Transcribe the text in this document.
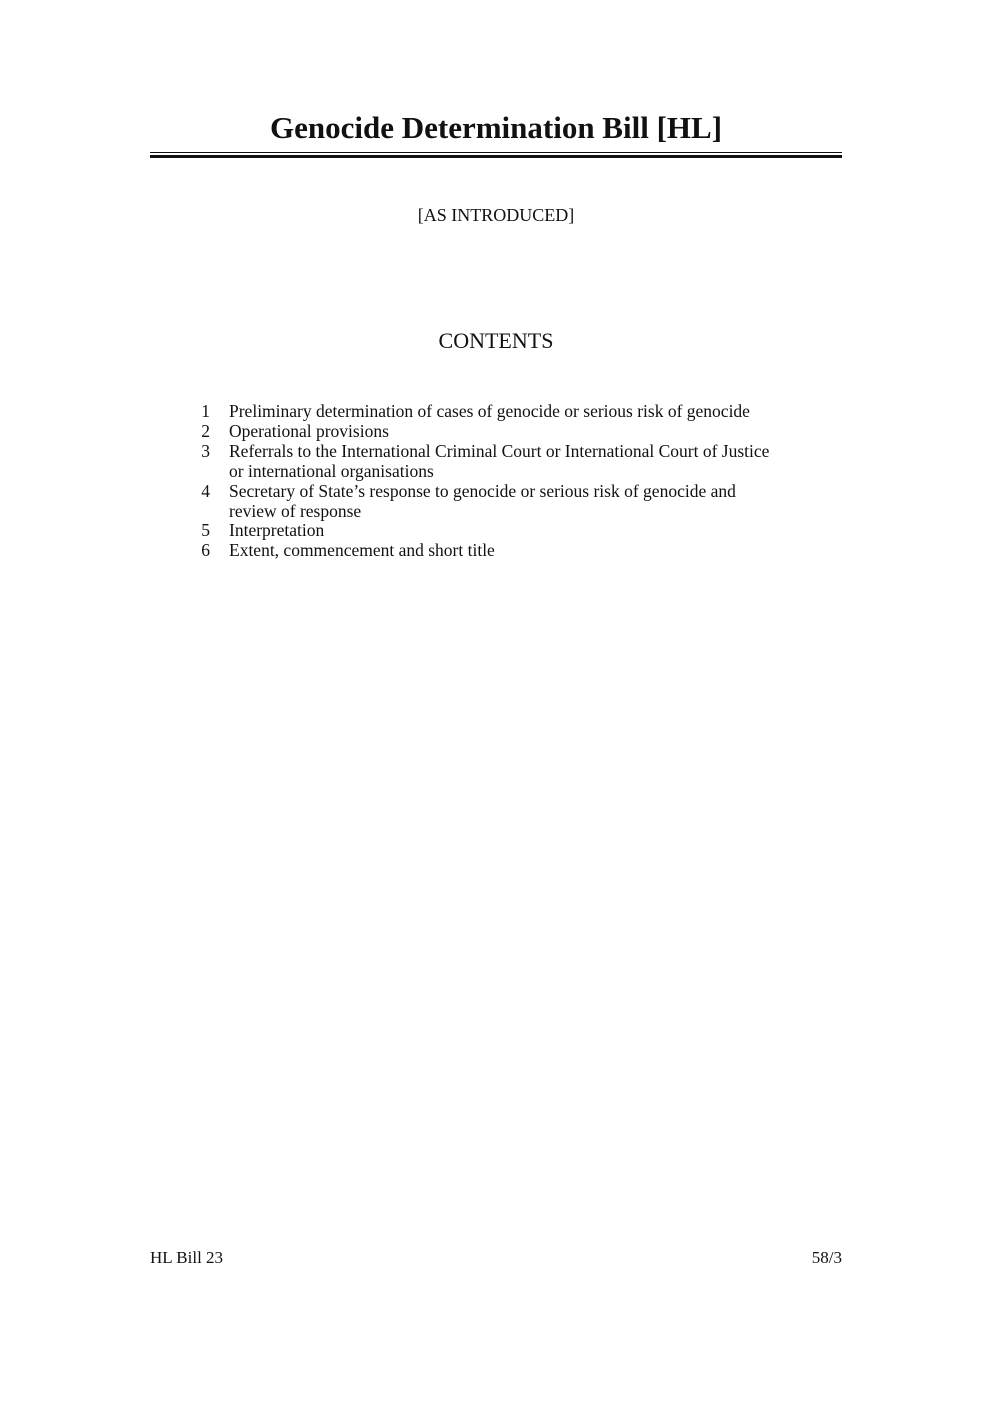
Genocide Determination Bill [HL]
[AS INTRODUCED]
CONTENTS
1 Preliminary determination of cases of genocide or serious risk of genocide
2 Operational provisions
3 Referrals to the International Criminal Court or International Court of Justice
or international organisations
4 Secretary of State’s response to genocide or serious risk of genocide and
review of response
5 Interpretation
6 Extent, commencement and short title
HL Bill 23	58/3
